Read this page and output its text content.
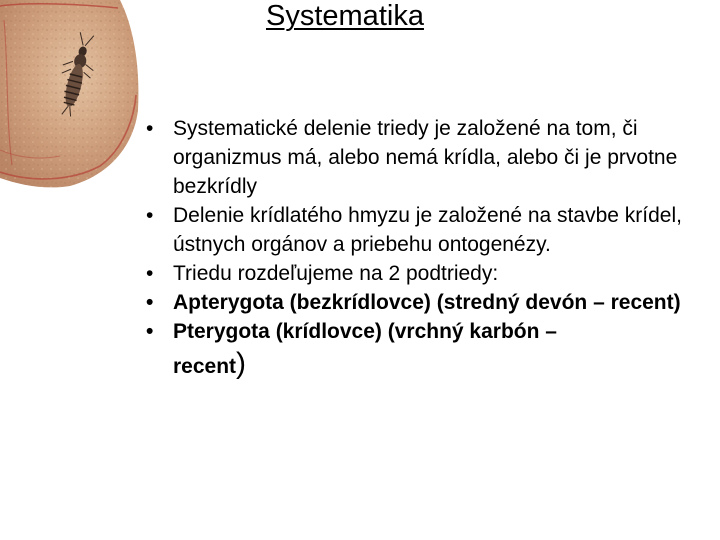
Systematika
• Systematické delenie triedy je založené na tom, či organizmus má, alebo nemá krídla, alebo či je prvotne bezkrídly
• Delenie krídlatého hmyzu je založené na stavbe krídel, ústnych orgánov a priebehu ontogenézy.
• Triedu rozdeľujeme na 2 podtriedy:
• Apterygota (bezkrídlovce) (stredný devón – recent)
• Pterygota (krídlovce) (vrchný karbón –
recent)
